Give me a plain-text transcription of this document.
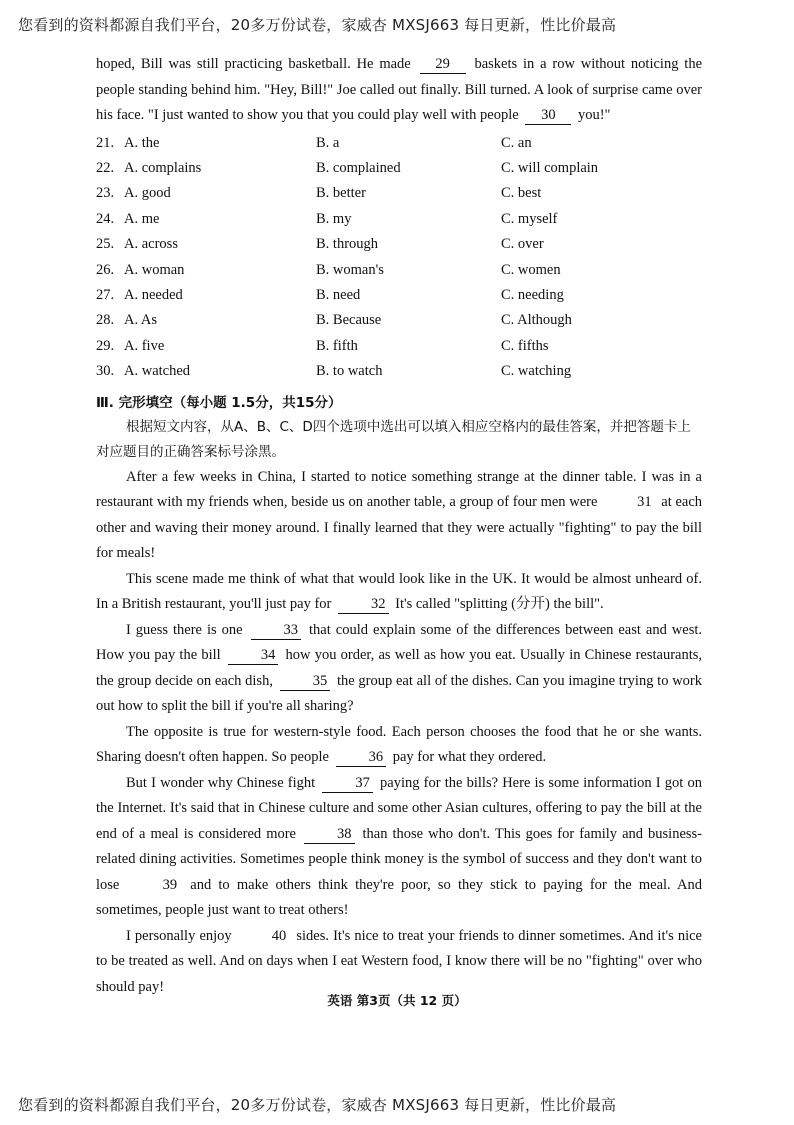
您看到的资料都源自我们平台，20多万份试卷，家威杏 MXSJ663 每日更新，性比价最高

hoped, Bill was still practicing basketball. He made 29 baskets in a row without noticing the people standing behind him. "Hey, Bill!" Joe called out finally. Bill turned. A look of surprise came over his face. "I just wanted to show you that you could play well with people 30 you!"

21. A. the	B. a	C. an
22. A. complains	B. complained	C. will complain
23. A. good	B. better	C. best
24. A. me	B. my	C. myself
25. A. across	B. through	C. over
26. A. woman	B. woman's	C. women
27. A. needed	B. need	C. needing
28. A. As	B. Because	C. Although
29. A. five	B. fifth	C. fifths
30. A. watched	B. to watch	C. watching
Ⅲ. 完形填空（每小题 1.5分，共15分）
根据短文内容，从A、B、C、D四个选项中选出可以填入相应空格内的最佳答案，并把答题卡上对应题目的正确答案标号涂黑。

After a few weeks in China, I started to notice something strange at the dinner table. I was in a restaurant with my friends when, beside us on another table, a group of four men were	31 at each other and waving their money around. I finally learned that they were actually "fighting" to pay the bill for meals!

This scene made me think of what that would look like in the UK. It would be almost unheard of. In a British restaurant, you'll just pay for	32 It's called "splitting (分开) the bill".

I guess there is one	33 that could explain some of the differences between east and west. How you pay the bill	34 how you order, as well as how you eat. Usually in Chinese restaurants, the group decide on each dish,	35 the group eat all of the dishes. Can you imagine trying to work out how to split the bill if you're all sharing?

The opposite is true for western-style food. Each person chooses the food that he or she wants. Sharing doesn't often happen. So people	36 pay for what they ordered.

But I wonder why Chinese fight	37 paying for the bills? Here is some information I got on the Internet. It's said that in Chinese culture and some other Asian cultures, offering to pay the bill at the end of a meal is considered more	38 than those who don't. This goes for family and business-related dining activities. Sometimes people think money is the symbol of success and they don't want to lose	39 and to make others think they're poor, so they stick to paying for the meal. And sometimes, people just want to treat others!

I personally enjoy	40 sides. It's nice to treat your friends to dinner sometimes. And it's nice to be treated as well. And on days when I eat Western food, I know there will be no "fighting" over who should pay!

英语 第3页（共 12 页）
您看到的资料都源自我们平台，20多万份试卷，家威杏 MXSJ663 每日更新，性比价最高
